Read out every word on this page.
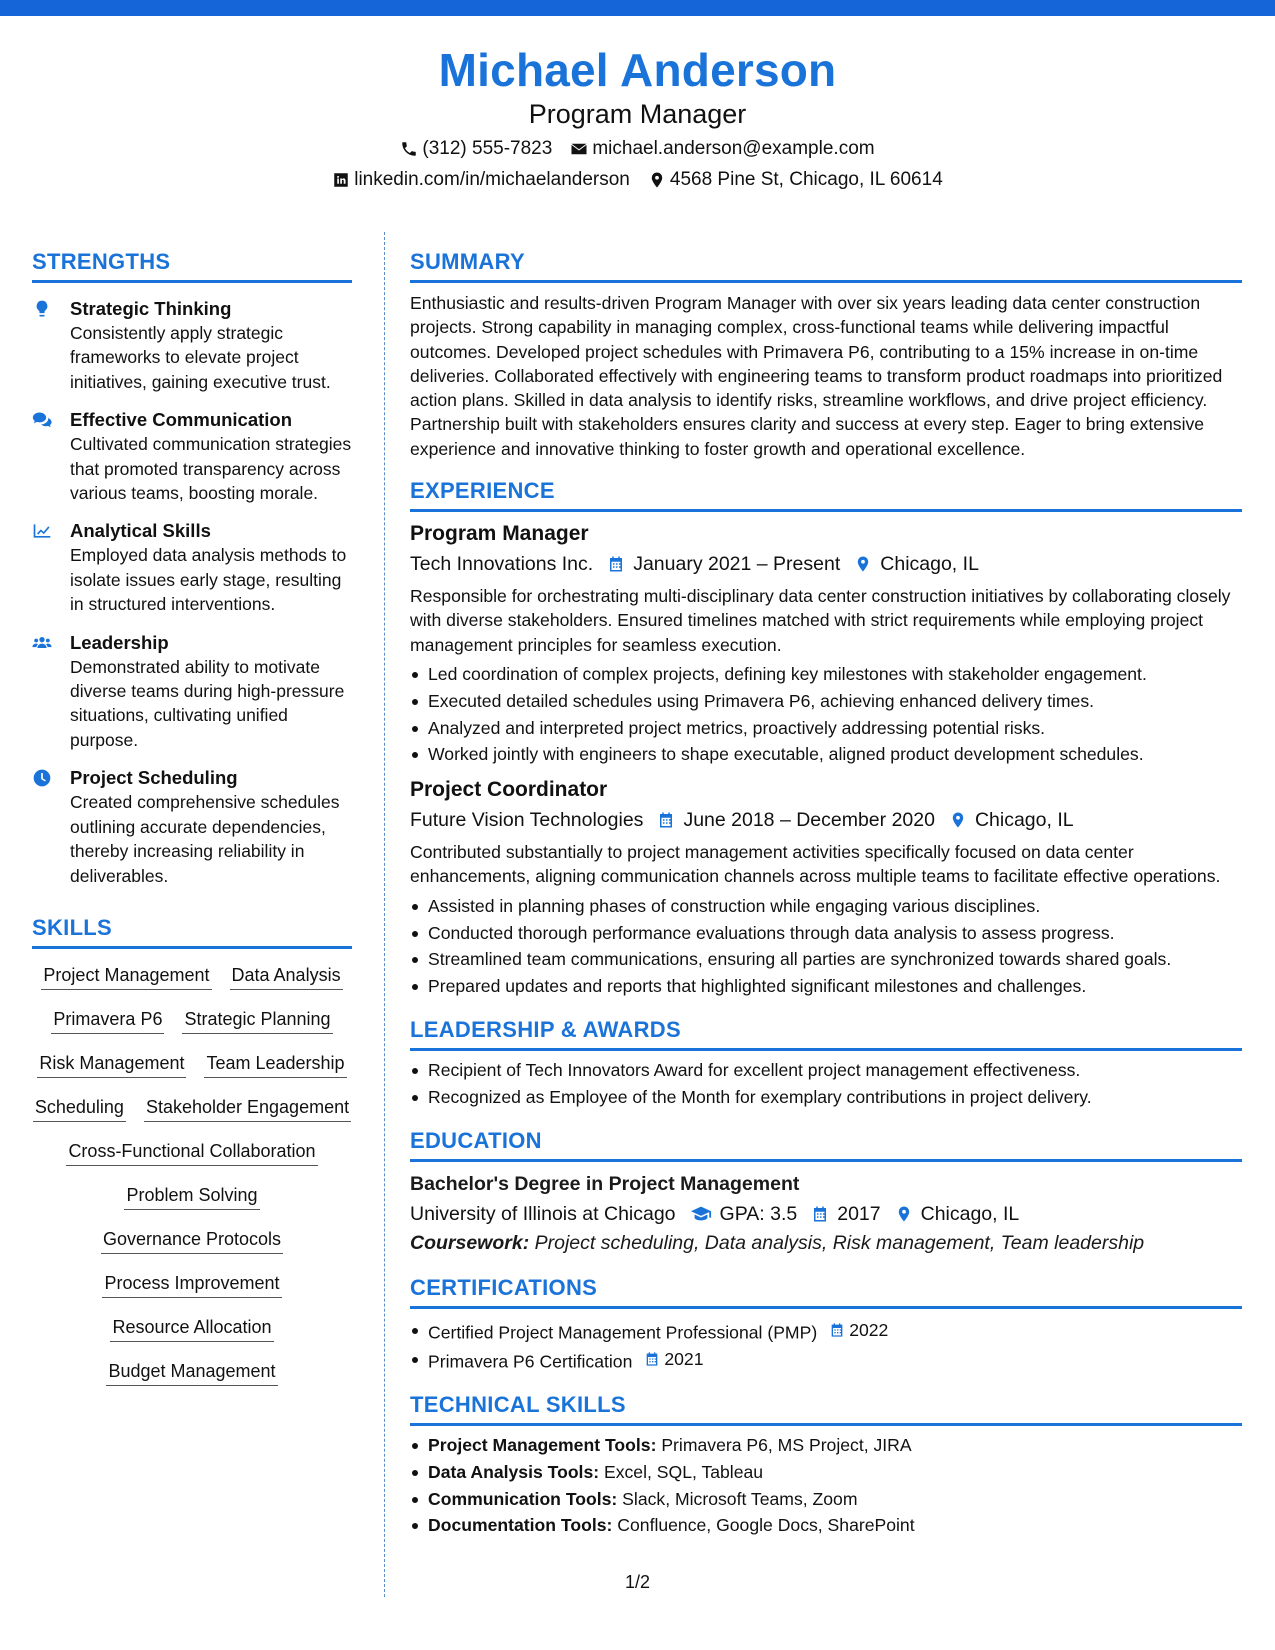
Michael Anderson
Program Manager
(312) 555-7823 michael.anderson@example.com
linkedin.com/in/michaelanderson 4568 Pine St, Chicago, IL 60614
STRENGTHS
Strategic Thinking
Consistently apply strategic frameworks to elevate project initiatives, gaining executive trust.
Effective Communication
Cultivated communication strategies that promoted transparency across various teams, boosting morale.
Analytical Skills
Employed data analysis methods to isolate issues early stage, resulting in structured interventions.
Leadership
Demonstrated ability to motivate diverse teams during high-pressure situations, cultivating unified purpose.
Project Scheduling
Created comprehensive schedules outlining accurate dependencies, thereby increasing reliability in deliverables.
SKILLS
Project Management Data Analysis
Primavera P6 Strategic Planning
Risk Management Team Leadership
Scheduling Stakeholder Engagement
Cross-Functional Collaboration
Problem Solving
Governance Protocols
Process Improvement
Resource Allocation
Budget Management
SUMMARY
Enthusiastic and results-driven Program Manager with over six years leading data center construction projects. Strong capability in managing complex, cross-functional teams while delivering impactful outcomes. Developed project schedules with Primavera P6, contributing to a 15% increase in on-time deliveries. Collaborated effectively with engineering teams to transform product roadmaps into prioritized action plans. Skilled in data analysis to identify risks, streamline workflows, and drive project efficiency. Partnership built with stakeholders ensures clarity and success at every step. Eager to bring extensive experience and innovative thinking to foster growth and operational excellence.
EXPERIENCE
Program Manager
Tech Innovations Inc. January 2021 – Present Chicago, IL
Responsible for orchestrating multi-disciplinary data center construction initiatives by collaborating closely with diverse stakeholders. Ensured timelines matched with strict requirements while employing project management principles for seamless execution.
Led coordination of complex projects, defining key milestones with stakeholder engagement.
Executed detailed schedules using Primavera P6, achieving enhanced delivery times.
Analyzed and interpreted project metrics, proactively addressing potential risks.
Worked jointly with engineers to shape executable, aligned product development schedules.
Project Coordinator
Future Vision Technologies June 2018 – December 2020 Chicago, IL
Contributed substantially to project management activities specifically focused on data center enhancements, aligning communication channels across multiple teams to facilitate effective operations.
Assisted in planning phases of construction while engaging various disciplines.
Conducted thorough performance evaluations through data analysis to assess progress.
Streamlined team communications, ensuring all parties are synchronized towards shared goals.
Prepared updates and reports that highlighted significant milestones and challenges.
LEADERSHIP & AWARDS
Recipient of Tech Innovators Award for excellent project management effectiveness.
Recognized as Employee of the Month for exemplary contributions in project delivery.
EDUCATION
Bachelor's Degree in Project Management
University of Illinois at Chicago GPA: 3.5 2017 Chicago, IL
Coursework: Project scheduling, Data analysis, Risk management, Team leadership
CERTIFICATIONS
Certified Project Management Professional (PMP) 2022
Primavera P6 Certification 2021
TECHNICAL SKILLS
Project Management Tools: Primavera P6, MS Project, JIRA
Data Analysis Tools: Excel, SQL, Tableau
Communication Tools: Slack, Microsoft Teams, Zoom
Documentation Tools: Confluence, Google Docs, SharePoint
1/2
